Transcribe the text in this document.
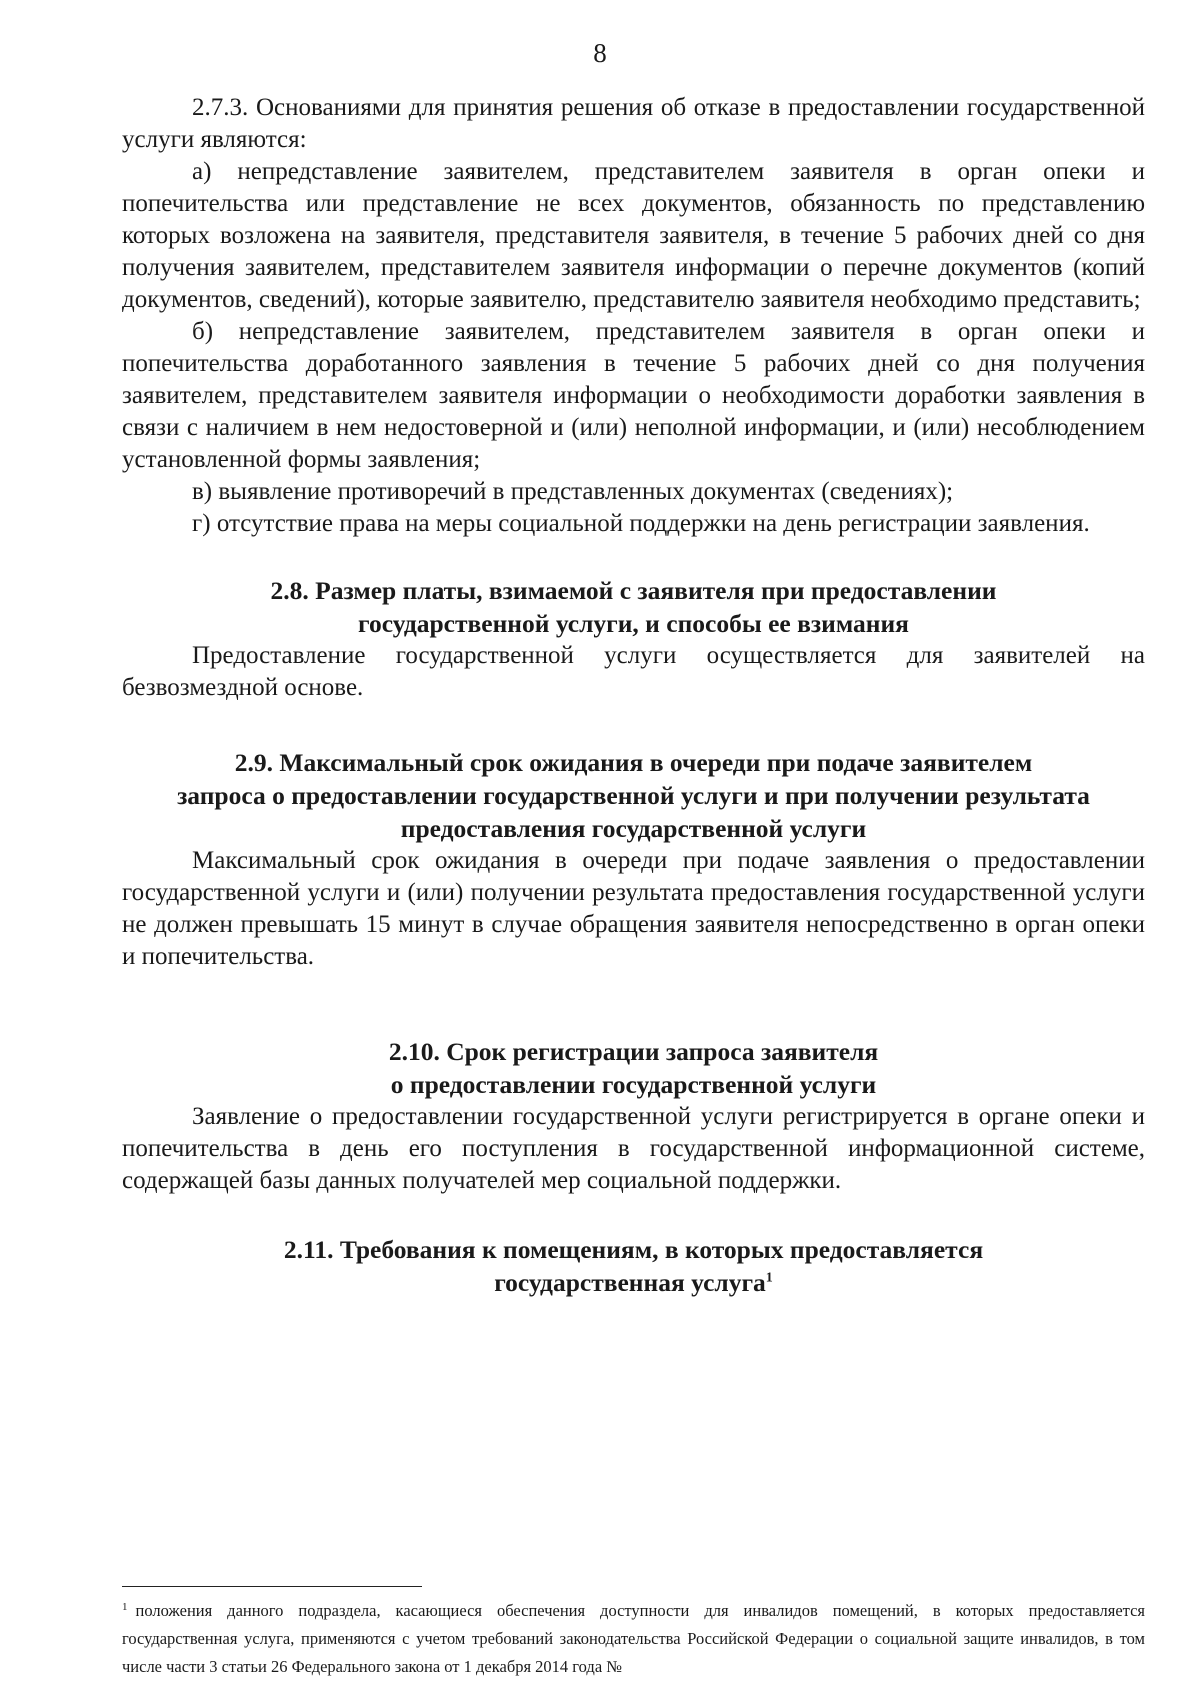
8

2.7.3. Основаниями для принятия решения об отказе в предоставлении государственной услуги являются:

а) непредставление заявителем, представителем заявителя в орган опеки и попечительства или представление не всех документов, обязанность по представлению которых возложена на заявителя, представителя заявителя, в течение 5 рабочих дней со дня получения заявителем, представителем заявителя информации о перечне документов (копий документов, сведений), которые заявителю, представителю заявителя необходимо представить;

б) непредставление заявителем, представителем заявителя в орган опеки и попечительства доработанного заявления в течение 5 рабочих дней со дня получения заявителем, представителем заявителя информации о необходимости доработки заявления в связи с наличием в нем недостоверной и (или) неполной информации, и (или) несоблюдением установленной формы заявления;

в) выявление противоречий в представленных документах (сведениях);

г) отсутствие права на меры социальной поддержки на день регистрации заявления.

2.8. Размер платы, взимаемой с заявителя при предоставлении
государственной услуги, и способы ее взимания

Предоставление государственной услуги осуществляется для заявителей на безвозмездной основе.

2.9. Максимальный срок ожидания в очереди при подаче заявителем
запроса о предоставлении государственной услуги и при получении результата
предоставления государственной услуги

Максимальный срок ожидания в очереди при подаче заявления о предоставлении государственной услуги и (или) получении результата предоставления государственной услуги не должен превышать 15 минут в случае обращения заявителя непосредственно в орган опеки и попечительства.

2.10. Срок регистрации запроса заявителя
о предоставлении государственной услуги

Заявление о предоставлении государственной услуги регистрируется в органе опеки и попечительства в день его поступления в государственной информационной системе, содержащей базы данных получателей мер социальной поддержки.

2.11. Требования к помещениям, в которых предоставляется
государственная услуга$^1$
$^1$ положения данного подраздела, касающиеся обеспечения доступности для инвалидов помещений, в которых предоставляется государственная услуга, применяются с учетом требований законодательства Российской Федерации о социальной защите инвалидов, в том числе части 3 статьи 26 Федерального закона от 1 декабря 2014 года №
